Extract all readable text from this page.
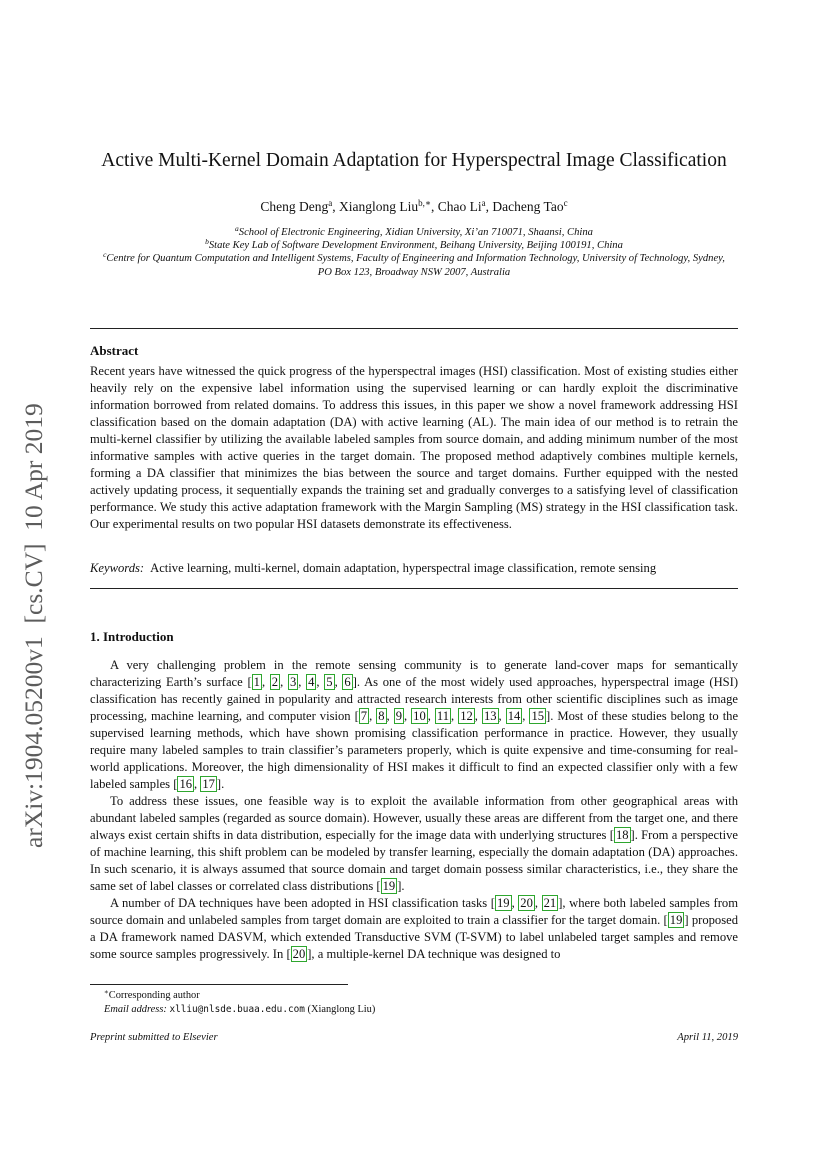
arXiv:1904.05200v1  [cs.CV]  10 Apr 2019
Active Multi-Kernel Domain Adaptation for Hyperspectral Image Classification
Cheng Deng$^a$, Xianglong Liu$^{b,∗}$, Chao Li$^a$, Dacheng Tao$^c$
$^a$School of Electronic Engineering, Xidian University, Xi’an 710071, Shaansi, China
$^b$State Key Lab of Software Development Environment, Beihang University, Beijing 100191, China
$^c$Centre for Quantum Computation and Intelligent Systems, Faculty of Engineering and Information Technology, University of Technology, Sydney,
PO Box 123, Broadway NSW 2007, Australia
Abstract
Recent years have witnessed the quick progress of the hyperspectral images (HSI) classification. Most of existing studies either heavily rely on the expensive label information using the supervised learning or can hardly exploit the discriminative information borrowed from related domains. To address this issues, in this paper we show a novel framework addressing HSI classification based on the domain adaptation (DA) with active learning (AL). The main idea of our method is to retrain the multi-kernel classifier by utilizing the available labeled samples from source domain, and adding minimum number of the most informative samples with active queries in the target domain. The proposed method adaptively combines multiple kernels, forming a DA classifier that minimizes the bias between the source and target domains. Further equipped with the nested actively updating process, it sequentially expands the training set and gradually converges to a satisfying level of classification performance. We study this active adaptation framework with the Margin Sampling (MS) strategy in the HSI classification task. Our experimental results on two popular HSI datasets demonstrate its effectiveness.
Keywords: Active learning, multi-kernel, domain adaptation, hyperspectral image classification, remote sensing
1. Introduction

A very challenging problem in the remote sensing community is to generate land-cover maps for semantically characterizing Earth’s surface [ 1 , 2 , 3 , 4 , 5 , 6 ]. As one of the most widely used approaches, hyperspectral image (HSI) classification has recently gained in popularity and attracted research interests from other scientific disciplines such as image processing, machine learning, and computer vision [ 7 , 8 , 9 , 10 , 11 , 12 , 13 , 14 , 15 ]. Most of these studies belong to the supervised learning methods, which have shown promising classification performance in practice. However, they usually require many labeled samples to train classifier’s parameters properly, which is quite expensive and time-consuming for real-world applications. Moreover, the high dimensionality of HSI makes it difficult to find an expected classifier only with a few labeled samples [ 16 , 17 ].

To address these issues, one feasible way is to exploit the available information from other geographical areas with abundant labeled samples (regarded as source domain). However, usually these areas are different from the target one, and there always exist certain shifts in data distribution, especially for the image data with underlying structures [ 18 ]. From a perspective of machine learning, this shift problem can be modeled by transfer learning, especially the domain adaptation (DA) approaches. In such scenario, it is always assumed that source domain and target domain possess similar characteristics, i.e., they share the same set of label classes or correlated class distributions [ 19 ].

A number of DA techniques have been adopted in HSI classification tasks [ 19 , 20 , 21 ], where both labeled samples from source domain and unlabeled samples from target domain are exploited to train a classifier for the target domain. [ 19 ] proposed a DA framework named DASVM, which extended Transductive SVM (T-SVM) to label unlabeled target samples and remove some source samples progressively. In [ 20 ], a multiple-kernel DA technique was designed to

∗Corresponding author
Email address: xlliu@nlsde.buaa.edu.com (Xianglong Liu)
Preprint submitted to Elsevier	April 11, 2019
